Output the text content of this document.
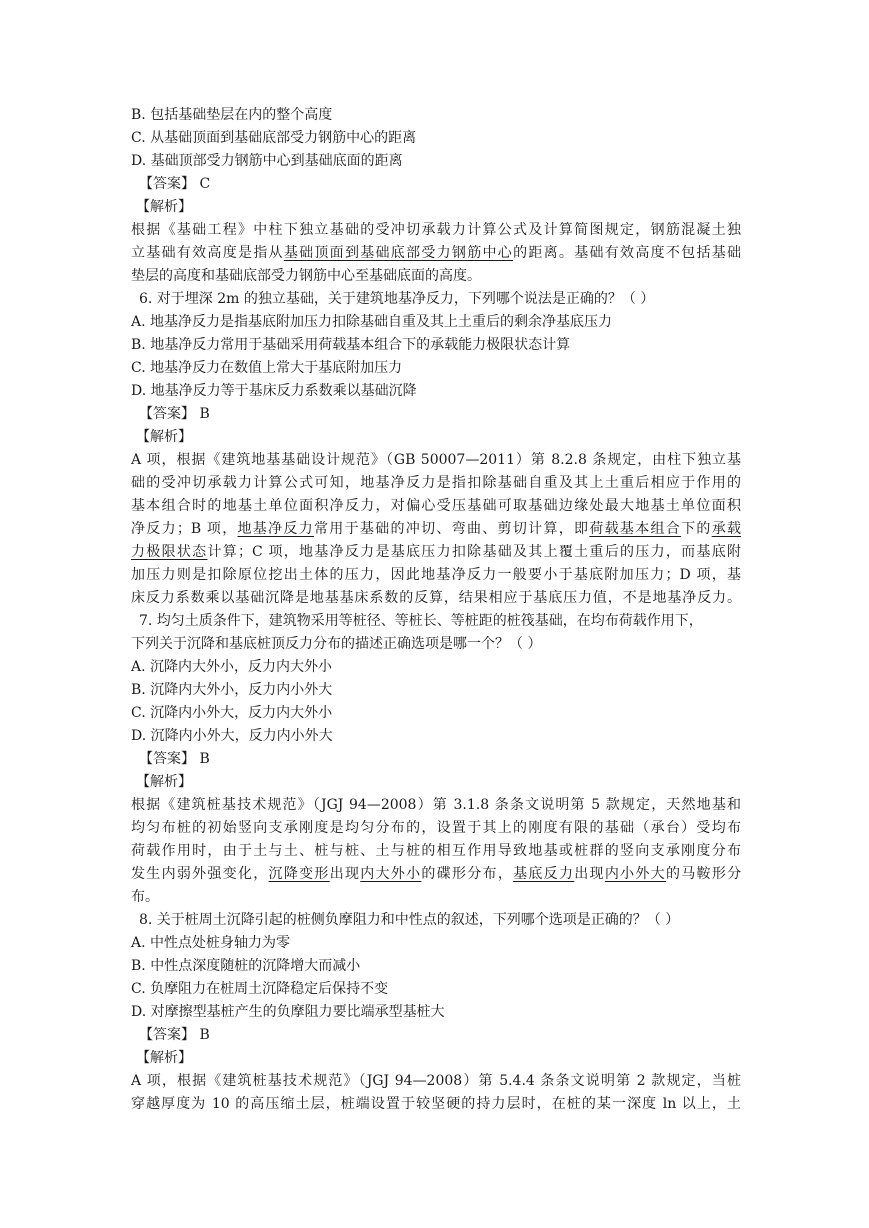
B. 包括基础垫层在内的整个高度
C. 从基础顶面到基础底部受力钢筋中心的距离
D. 基础顶部受力钢筋中心到基础底面的距离
【答案】 C
【解析】
根据《基础工程》中柱下独立基础的受冲切承载力计算公式及计算简图规定，钢筋混凝土独
立基础有效高度是指从基础顶面到基础底部受力钢筋中心的距离。基础有效高度不包括基础
垫层的高度和基础底部受力钢筋中心至基础底面的高度。
6. 对于埋深 2m 的独立基础，关于建筑地基净反力，下列哪个说法是正确的？（ ）
A. 地基净反力是指基底附加压力扣除基础自重及其上土重后的剩余净基底压力
B. 地基净反力常用于基础采用荷载基本组合下的承载能力极限状态计算
C. 地基净反力在数值上常大于基底附加压力
D. 地基净反力等于基床反力系数乘以基础沉降
【答案】 B
【解析】
A 项，根据《建筑地基基础设计规范》（GB 50007—2011）第 8.2.8 条规定，由柱下独立基
础的受冲切承载力计算公式可知，地基净反力是指扣除基础自重及其上土重后相应于作用的
基本组合时的地基土单位面积净反力，对偏心受压基础可取基础边缘处最大地基土单位面积
净反力；B 项，地基净反力常用于基础的冲切、弯曲、剪切计算，即荷载基本组合下的承载
力极限状态计算；C 项，地基净反力是基底压力扣除基础及其上覆土重后的压力，而基底附
加压力则是扣除原位挖出土体的压力，因此地基净反力一般要小于基底附加压力；D 项，基
床反力系数乘以基础沉降是地基基床系数的反算，结果相应于基底压力值，不是地基净反力。
7. 均匀土质条件下，建筑物采用等桩径、等桩长、等桩距的桩筏基础，在均布荷载作用下，
下列关于沉降和基底桩顶反力分布的描述正确选项是哪一个？（ ）
A. 沉降内大外小，反力内大外小
B. 沉降内大外小，反力内小外大
C. 沉降内小外大，反力内大外小
D. 沉降内小外大，反力内小外大
【答案】 B
【解析】
根据《建筑桩基技术规范》（JGJ 94—2008）第 3.1.8 条条文说明第 5 款规定，天然地基和
均匀布桩的初始竖向支承刚度是均匀分布的，设置于其上的刚度有限的基础（承台）受均布
荷载作用时，由于土与土、桩与桩、土与桩的相互作用导致地基或桩群的竖向支承刚度分布
发生内弱外强变化，沉降变形出现内大外小的碟形分布，基底反力出现内小外大的马鞍形分
布。
8. 关于桩周土沉降引起的桩侧负摩阻力和中性点的叙述，下列哪个选项是正确的？（ ）
A. 中性点处桩身轴力为零
B. 中性点深度随桩的沉降增大而减小
C. 负摩阻力在桩周土沉降稳定后保持不变
D. 对摩擦型基桩产生的负摩阻力要比端承型基桩大
【答案】 B
【解析】
A 项，根据《建筑桩基技术规范》（JGJ 94—2008）第 5.4.4 条条文说明第 2 款规定，当桩
穿越厚度为 10 的高压缩土层，桩端设置于较坚硬的持力层时，在桩的某一深度 ln 以上，土
